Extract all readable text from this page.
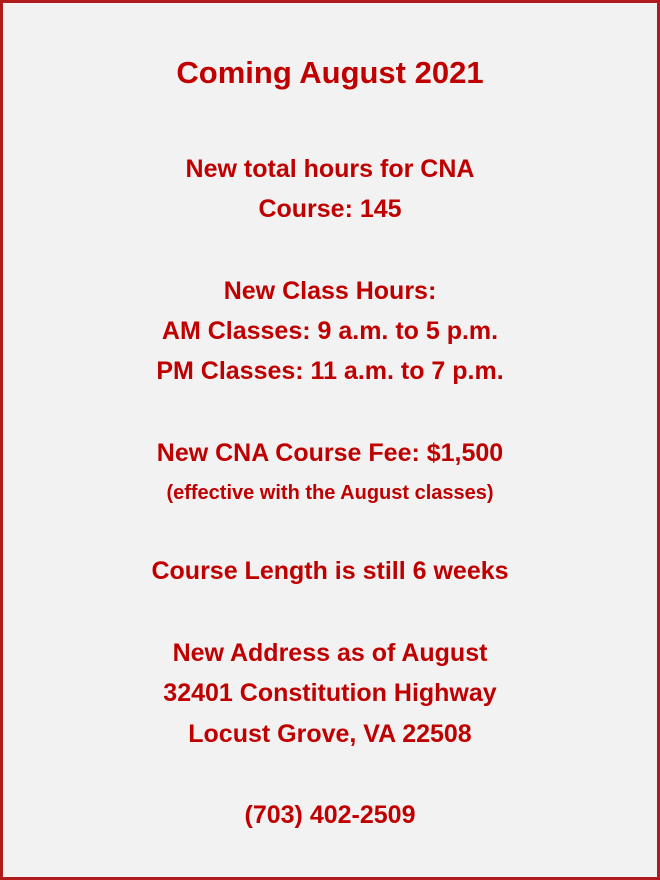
Coming August 2021
New total hours for CNA
Course: 145
New Class Hours:
AM Classes: 9 a.m. to 5 p.m.
PM Classes: 11 a.m. to 7 p.m.
New CNA Course Fee: $1,500
(effective with the August classes)
Course Length is still 6 weeks
New Address as of August
32401 Constitution Highway
Locust Grove, VA 22508
(703) 402-2509
